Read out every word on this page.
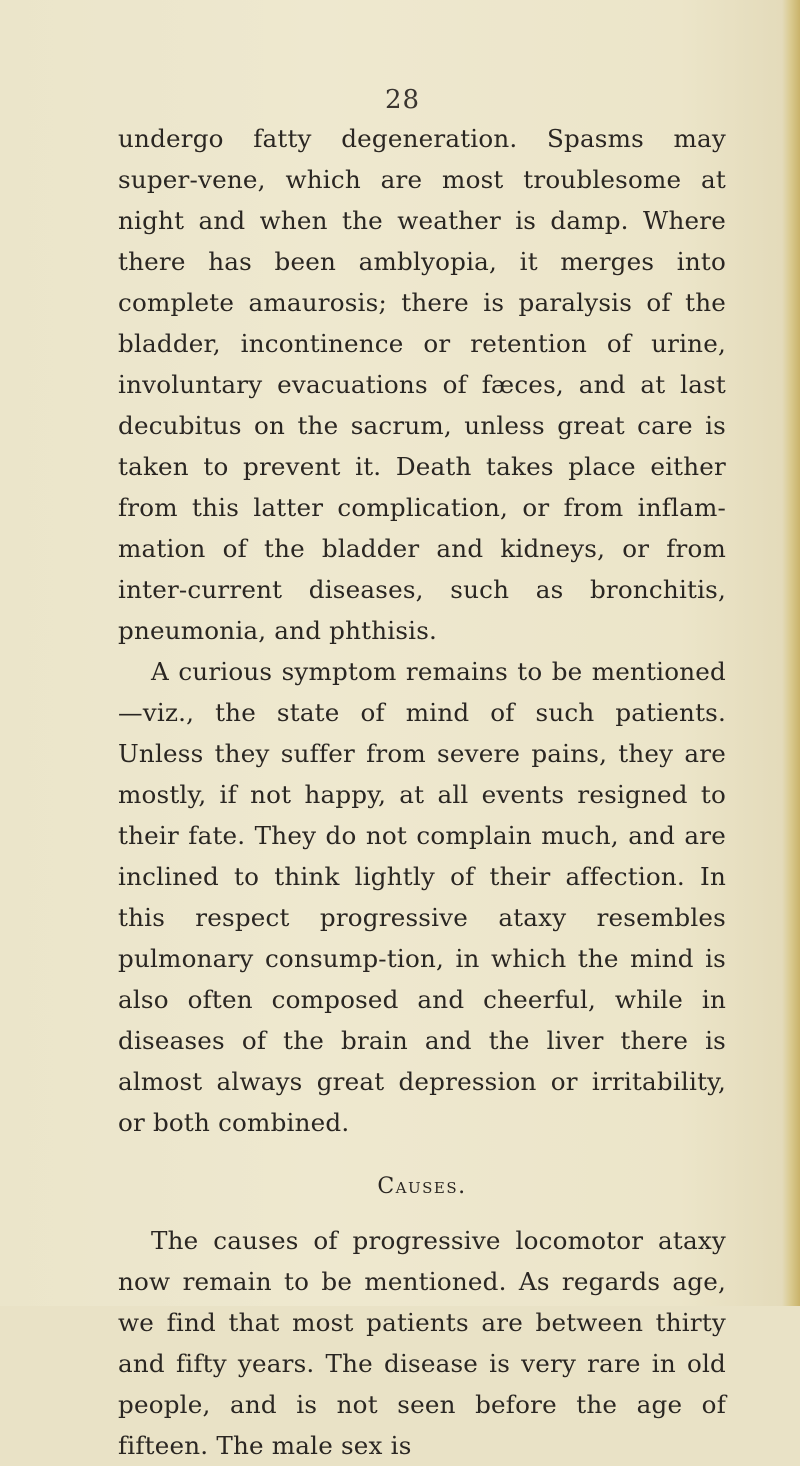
28

undergo fatty degeneration. Spasms may super-vene, which are most troublesome at night and when the weather is damp. Where there has been amblyopia, it merges into complete amaurosis; there is paralysis of the bladder, incontinence or retention of urine, involuntary evacuations of fæces, and at last decubitus on the sacrum, unless great care is taken to prevent it. Death takes place either from this latter complication, or from inflam-mation of the bladder and kidneys, or from inter-current diseases, such as bronchitis, pneumonia, and phthisis.

A curious symptom remains to be mentioned—viz., the state of mind of such patients. Unless they suffer from severe pains, they are mostly, if not happy, at all events resigned to their fate. They do not complain much, and are inclined to think lightly of their affection. In this respect progressive ataxy resembles pulmonary consump-tion, in which the mind is also often composed and cheerful, while in diseases of the brain and the liver there is almost always great depression or irritability, or both combined.

Causes.

The causes of progressive locomotor ataxy now remain to be mentioned. As regards age, we find that most patients are between thirty and fifty years. The disease is very rare in old people, and is not seen before the age of fifteen. The male sex is
